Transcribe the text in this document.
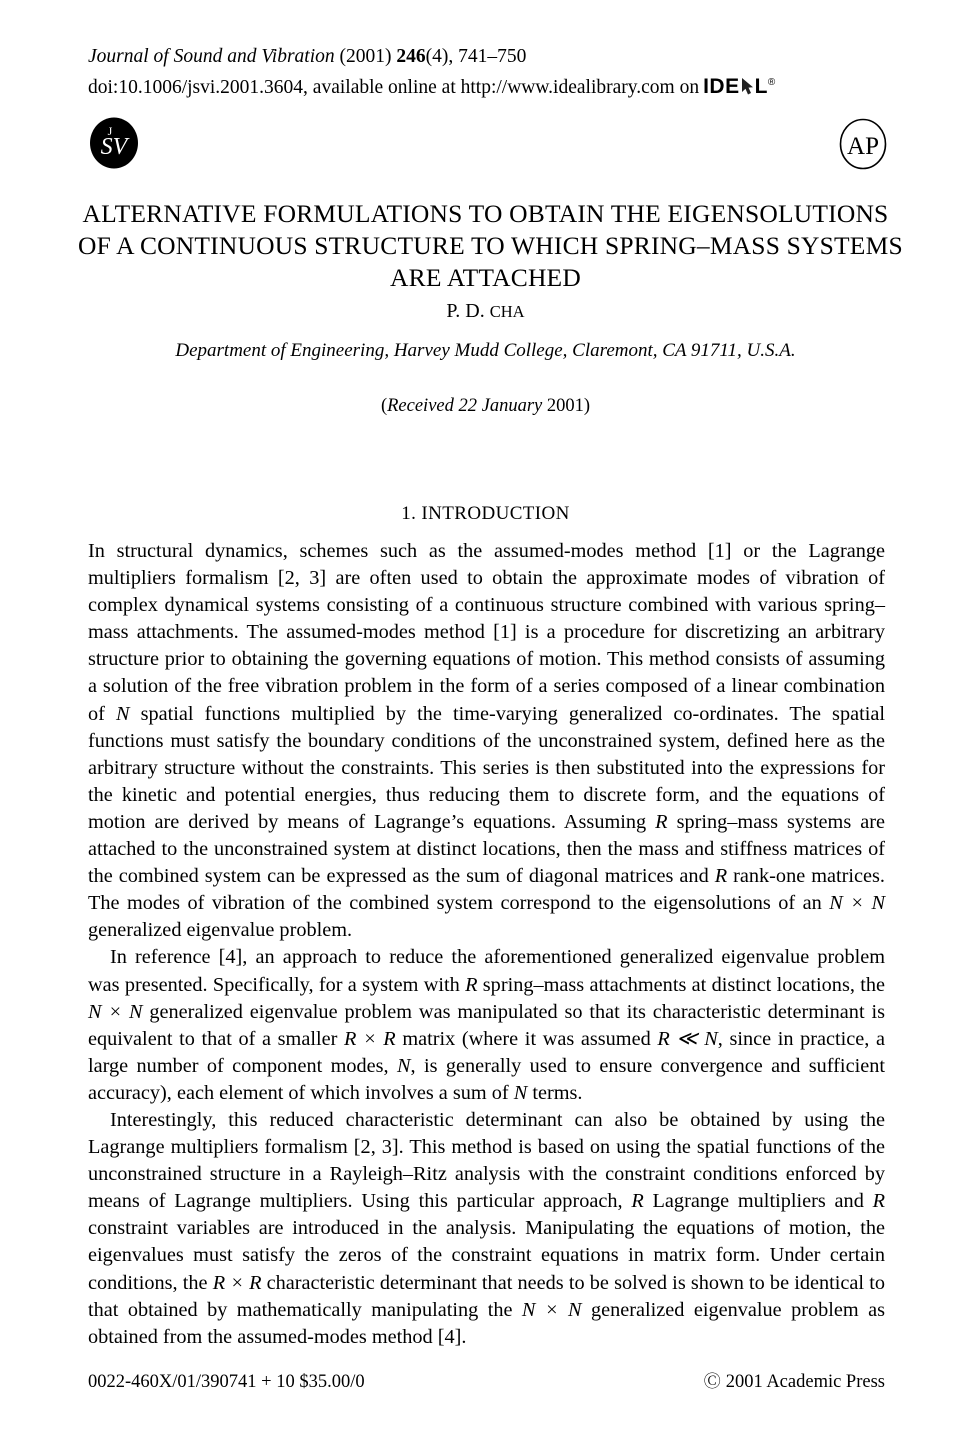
Journal of Sound and Vibration (2001) 246(4), 741–750
doi:10.1006/jsvi.2001.3604, available online at http://www.idealibrary.com on IDE L®
J
SV	AP
ALTERNATIVE FORMULATIONS TO OBTAIN THE EIGENSOLUTIONS
OF A CONTINUOUS STRUCTURE TO WHICH SPRING–MASS SYSTEMS
ARE ATTACHED
P. D. CHA
Department of Engineering, Harvey Mudd College, Claremont, CA 91711, U.S.A.
(Received 22 January 2001)
1. INTRODUCTION

In structural dynamics, schemes such as the assumed-modes method [1] or the Lagrange multipliers formalism [2, 3] are often used to obtain the approximate modes of vibration of complex dynamical systems consisting of a continuous structure combined with various spring–mass attachments. The assumed-modes method [1] is a procedure for discretizing an arbitrary structure prior to obtaining the governing equations of motion. This method consists of assuming a solution of the free vibration problem in the form of a series composed of a linear combination of N spatial functions multiplied by the time-varying generalized co-ordinates. The spatial functions must satisfy the boundary conditions of the unconstrained system, defined here as the arbitrary structure without the constraints. This series is then substituted into the expressions for the kinetic and potential energies, thus reducing them to discrete form, and the equations of motion are derived by means of Lagrange’s equations. Assuming R spring–mass systems are attached to the unconstrained system at distinct locations, then the mass and stiffness matrices of the combined system can be expressed as the sum of diagonal matrices and R rank-one matrices. The modes of vibration of the combined system correspond to the eigensolutions of an N × N generalized eigenvalue problem.

In reference [4], an approach to reduce the aforementioned generalized eigenvalue problem was presented. Specifically, for a system with R spring–mass attachments at distinct locations, the N × N generalized eigenvalue problem was manipulated so that its characteristic determinant is equivalent to that of a smaller R × R matrix (where it was assumed R ≪ N, since in practice, a large number of component modes, N, is generally used to ensure convergence and sufficient accuracy), each element of which involves a sum of N terms.

Interestingly, this reduced characteristic determinant can also be obtained by using the Lagrange multipliers formalism [2, 3]. This method is based on using the spatial functions of the unconstrained structure in a Rayleigh–Ritz analysis with the constraint conditions enforced by means of Lagrange multipliers. Using this particular approach, R Lagrange multipliers and R constraint variables are introduced in the analysis. Manipulating the equations of motion, the eigenvalues must satisfy the zeros of the constraint equations in matrix form. Under certain conditions, the R × R characteristic determinant that needs to be solved is shown to be identical to that obtained by mathematically manipulating the N × N generalized eigenvalue problem as obtained from the assumed-modes method [4].

0022-460X/01/390741 + 10 $35.00/0	Ⓒ 2001 Academic Press
